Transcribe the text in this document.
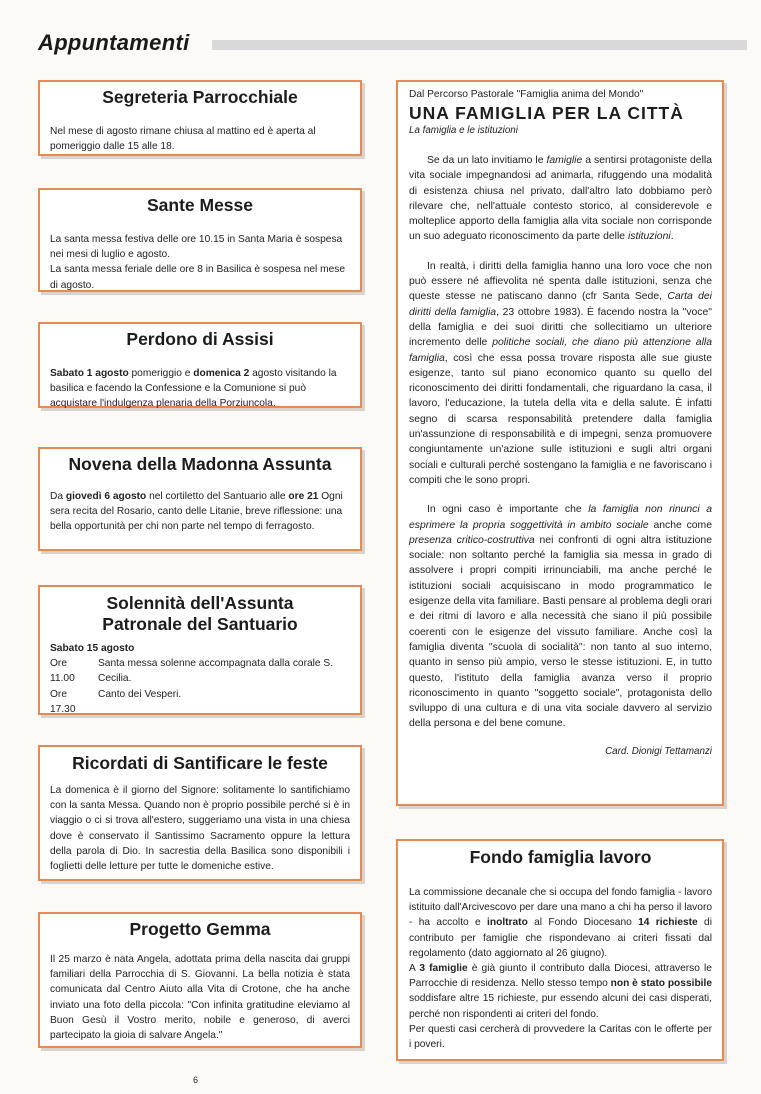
Appuntamenti
Segreteria Parrocchiale

Nel mese di agosto rimane chiusa al mattino ed è aperta al pomeriggio dalle 15 alle 18.

Sante Messe

La santa messa festiva delle ore 10.15 in Santa Maria è sospesa nei mesi di luglio e agosto.

La santa messa feriale delle ore 8 in Basilica è sospesa nel mese di agosto.

Perdono di Assisi

Sabato 1 agosto pomeriggio e domenica 2 agosto visitando la basilica e facendo la Confessione e la Comunione si può acquistare l'indulgenza plenaria della Porziuncola.

Novena della Madonna Assunta

Da giovedì 6 agosto nel cortiletto del Santuario alle ore 21 Ogni sera recita del Rosario, canto delle Litanie, breve riflessione: una bella opportunità per chi non parte nel tempo di ferragosto.

Solennità dell'Assunta
Patronale del Santuario

Sabato 15 agosto

Ore 11.00
Santa messa solenne accompagnata dalla corale S. Cecilia.
Ore 17.30
Canto dei Vesperi.
Ricordati di Santificare le feste

La domenica è il giorno del Signore: solitamente lo santifichiamo con la santa Messa. Quando non è proprio possibile perché si è in viaggio o ci si trova all'estero, suggeriamo una vista in una chiesa dove è conservato il Santissimo Sacramento oppure la lettura della parola di Dio. In sacrestia della Basilica sono disponibili i foglietti delle letture per tutte le domeniche estive.

Progetto Gemma

Il 25 marzo è nata Angela, adottata prima della nascita dai gruppi familiari della Parrocchia di S. Giovanni. La bella notizia è stata comunicata dal Centro Aiuto alla Vita di Crotone, che ha anche inviato una foto della piccola: "Con infinita gratitudine eleviamo al Buon Gesù il Vostro merito, nobile e generoso, di averci partecipato la gioia di salvare Angela."

Dal Percorso Pastorale "Famiglia anima del Mondo"
UNA FAMIGLIA PER LA CITTÀ
La famiglia e le istituzioni

Se da un lato invitiamo le famiglie a sentirsi protagoniste della vita sociale impegnandosi ad animarla, rifuggendo una modalità di esistenza chiusa nel privato, dall'altro lato dobbiamo però rilevare che, nell'attuale contesto storico, al considerevole e molteplice apporto della famiglia alla vita sociale non corrisponde un suo adeguato riconoscimento da parte delle istituzioni.

In realtà, i diritti della famiglia hanno una loro voce che non può essere né affievolita né spenta dalle istituzioni, senza che queste stesse ne patiscano danno (cfr Santa Sede, Carta dei diritti della famiglia, 23 ottobre 1983). È facendo nostra la "voce" della famiglia e dei suoi diritti che sollecitiamo un ulteriore incremento delle politiche sociali, che diano più attenzione alla famiglia, così che essa possa trovare risposta alle sue giuste esigenze, tanto sul piano economico quanto su quello del riconoscimento dei diritti fondamentali, che riguardano la casa, il lavoro, l'educazione, la tutela della vita e della salute. È infatti segno di scarsa responsabilità pretendere dalla famiglia un'assunzione di responsabilità e di impegni, senza promuovere congiuntamente un'azione sulle istituzioni e sugli altri organi sociali e culturali perché sostengano la famiglia e ne favoriscano i compiti che le sono propri.

In ogni caso è importante che la famiglia non rinunci a esprimere la propria soggettività in ambito sociale anche come presenza critico-costruttiva nei confronti di ogni altra istituzione sociale: non soltanto perché la famiglia sia messa in grado di assolvere i propri compiti irrinunciabili, ma anche perché le istituzioni sociali acquisiscano in modo programmatico le esigenze della vita familiare. Basti pensare al problema degli orari e dei ritmi di lavoro e alla necessità che siano il più possibile coerenti con le esigenze del vissuto familiare. Anche così la famiglia diventa "scuola di socialità": non tanto al suo interno, quanto in senso più ampio, verso le stesse istituzioni. E, in tutto questo, l'istituto della famiglia avanza verso il proprio riconoscimento in quanto "soggetto sociale", protagonista dello sviluppo di una cultura e di una vita sociale davvero al servizio della persona e del bene comune.

Card. Dionigi Tettamanzi
Fondo famiglia lavoro

La commissione decanale che si occupa del fondo famiglia - lavoro istituito dall'Arcivescovo per dare una mano a chi ha perso il lavoro - ha accolto e inoltrato al Fondo Diocesano 14 richieste di contributo per famiglie che rispondevano ai criteri fissati dal regolamento (dato aggiornato al 26 giugno).

A 3 famiglie è già giunto il contributo dalla Diocesi, attraverso le Parrocchie di residenza. Nello stesso tempo non è stato possibile soddisfare altre 15 richieste, pur essendo alcuni dei casi disperati, perché non rispondenti ai criteri del fondo.

Per questi casi cercherà di provvedere la Caritas con le offerte per i poveri.

6
